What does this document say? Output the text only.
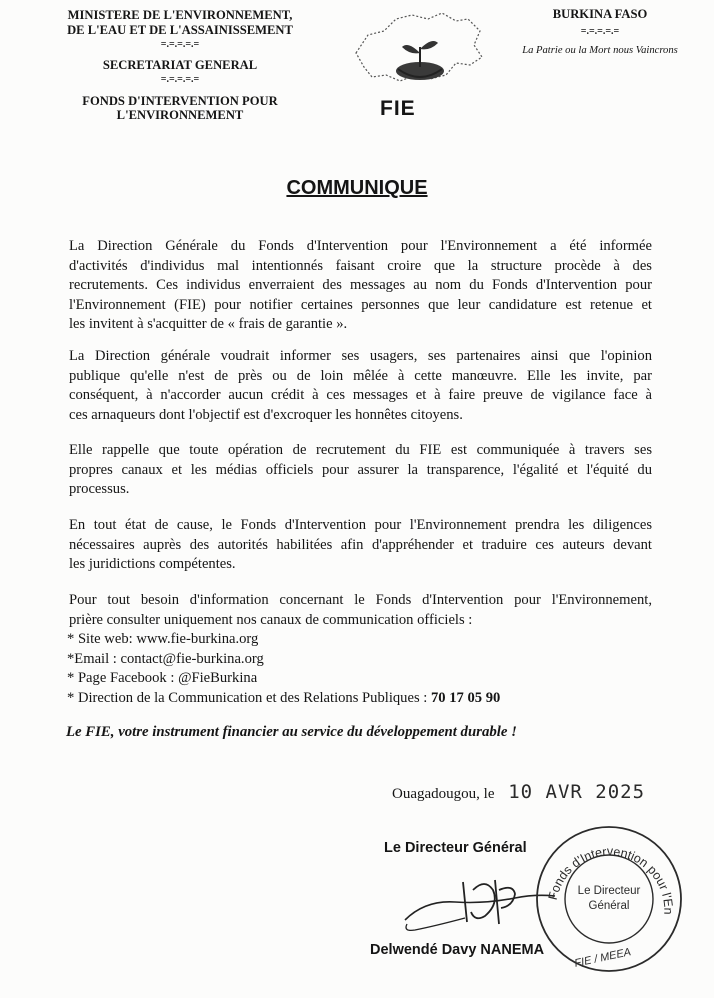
MINISTERE DE L'ENVIRONNEMENT,
DE L'EAU ET DE L'ASSAINISSEMENT
=.=.=.=.=
SECRETARIAT GENERAL
=.=.=.=.=
FONDS D'INTERVENTION POUR
L'ENVIRONNEMENT
BURKINA FASO
=.=.=.=.=
La Patrie ou la Mort nous Vaincrons
FIE
COMMUNIQUE
La Direction Générale du Fonds d'Intervention pour l'Environnement a été informée
d'activités d'individus mal intentionnés faisant croire que la structure procède à des
recrutements. Ces individus enverraient des messages au nom du Fonds d'Intervention pour
l'Environnement (FIE) pour notifier certaines personnes que leur candidature est retenue et
les invitent à s'acquitter de « frais de garantie ».
La Direction générale voudrait informer ses usagers, ses partenaires ainsi que l'opinion
publique qu'elle n'est de près ou de loin mêlée à cette manœuvre. Elle les invite, par
conséquent, à n'accorder aucun crédit à ces messages et à faire preuve de vigilance face à
ces arnaqueurs dont l'objectif est d'excroquer les honnêtes citoyens.
Elle rappelle que toute opération de recrutement du FIE est communiquée à travers ses
propres canaux et les médias officiels pour assurer la transparence, l'égalité et l'équité du
processus.
En tout état de cause, le Fonds d'Intervention pour l'Environnement prendra les diligences
nécessaires auprès des autorités habilitées afin d'appréhender et traduire ces auteurs devant
les juridictions compétentes.
Pour tout besoin d'information concernant le Fonds d'Intervention pour l'Environnement,
prière consulter uniquement nos canaux de communication officiels :
* Site web: www.fie-burkina.org
*Email : contact@fie-burkina.org
* Page Facebook : @FieBurkina
* Direction de la Communication et des Relations Publiques : 70 17 05 90
Le FIE, votre instrument financier au service du développement durable !
Ouagadougou, le 10 AVR 2025
Le Directeur Général
Fonds d'Intervention pour l'En
Le Directeur
Général
FIE / MEEA
Delwendé Davy NANEMA
